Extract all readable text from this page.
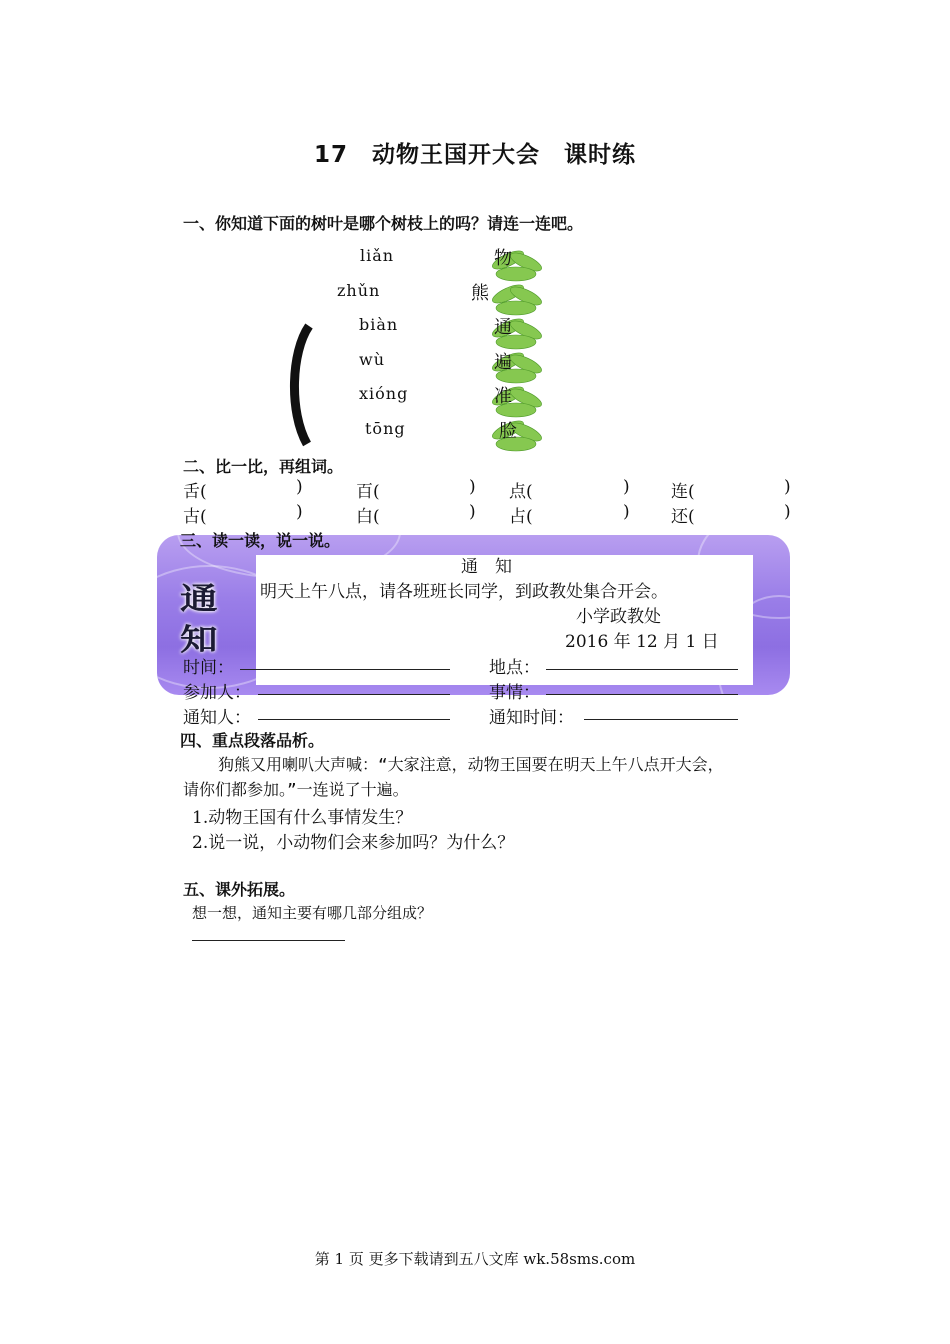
17　动物王国开大会　课时练
一、你知道下面的树叶是哪个树枝上的吗？请连一连吧。
liǎn
zhǔn
biàn
wù
xióng
tōng
物
熊
通
遍
准
脸
二、比一比，再组词。
舌(	)	百(	) 点(	) 连(	)
古(	)	白(	) 占(	) 还(	)
三、读一读，说一说。
通
知
通　知
明天上午八点，请各班班长同学，到政教处集合开会。
小学政教处
2016 年 12 月 1 日
时间：	地点：
参加人：	事情：
通知人：	通知时间：
四、重点段落品析。
狗熊又用喇叭大声喊：“大家注意，动物王国要在明天上午八点开大会，
请你们都参加。”一连说了十遍。
1.动物王国有什么事情发生？
2.说一说，小动物们会来参加吗？为什么？
五、课外拓展。
想一想，通知主要有哪几部分组成？
第 1 页 更多下载请到五八文库 wk.58sms.com
